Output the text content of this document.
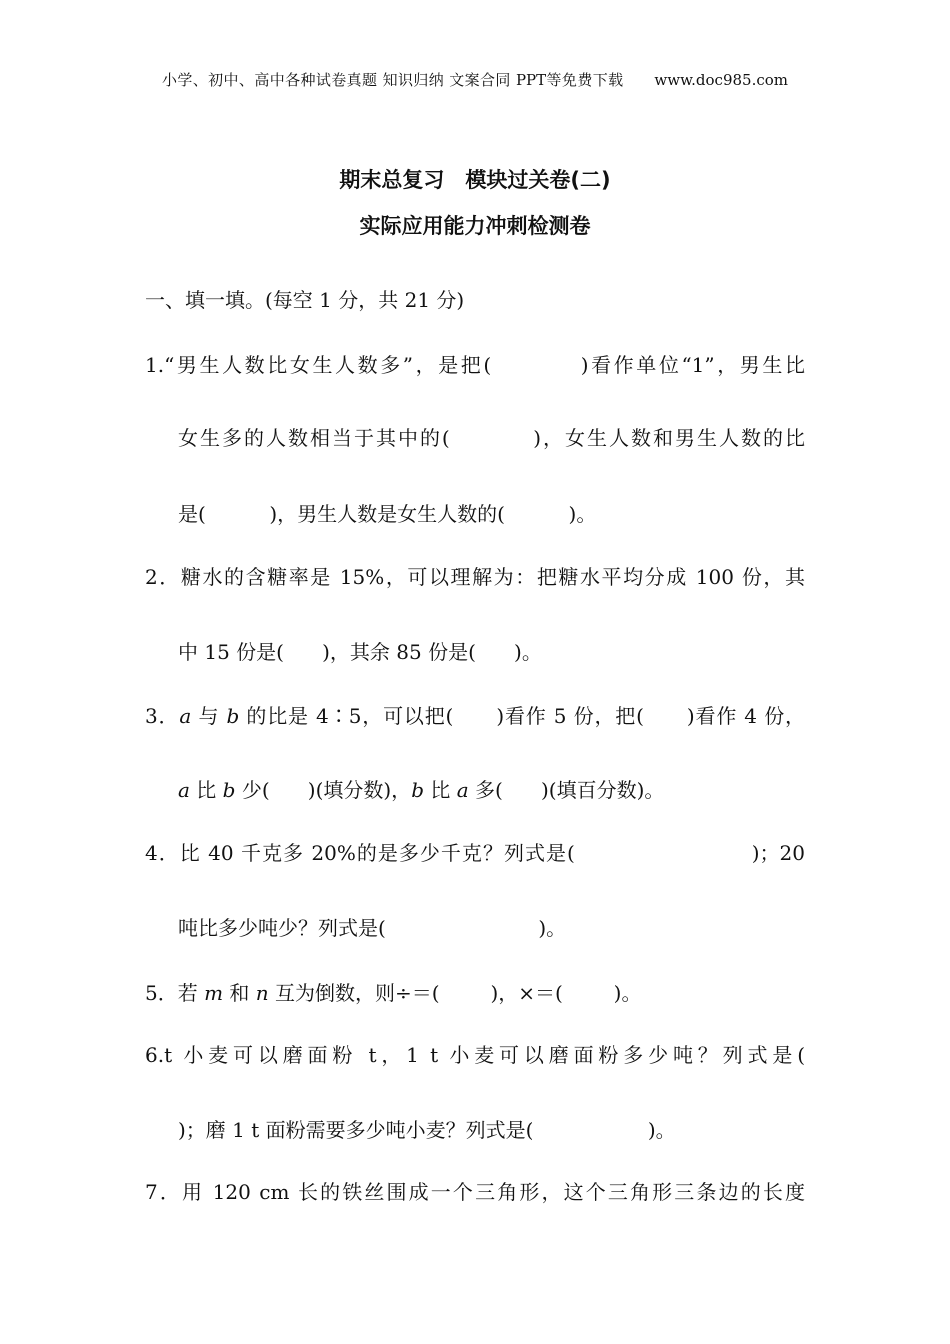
小学、初中、高中各种试卷真题 知识归纳 文案合同 PPT等免费下载 www.doc985.com
期末总复习　模块过关卷(二)
实际应用能力冲刺检测卷
一、填一填。(每空 1 分，共 21 分)
1.“男生人数比女生人数多”，是把(          )看作单位“1”，男生比
女生多的人数相当于其中的(          )，女生人数和男生人数的比
是(          )，男生人数是女生人数的(          )。
2．糖水的含糖率是 15%，可以理解为：把糖水平均分成 100 份，其
中 15 份是(      )，其余 85 份是(      )。
3．a 与 b 的比是 4∶5，可以把(      )看作 5 份，把(      )看作 4 份，
a 比 b 少(      )(填分数)，b 比 a 多(      )(填百分数)。
4．比 40 千克多 20%的是多少千克？列式是(                        )；20
吨比多少吨少？列式是(                        )。
5．若 m 和 n 互为倒数，则÷＝(        )，×＝(        )。
6.t 小麦可以磨面粉 t，1 t 小麦可以磨面粉多少吨？列式是(
)；磨 1 t 面粉需要多少吨小麦？列式是(                  )。
7．用 120 cm 长的铁丝围成一个三角形，这个三角形三条边的长度
